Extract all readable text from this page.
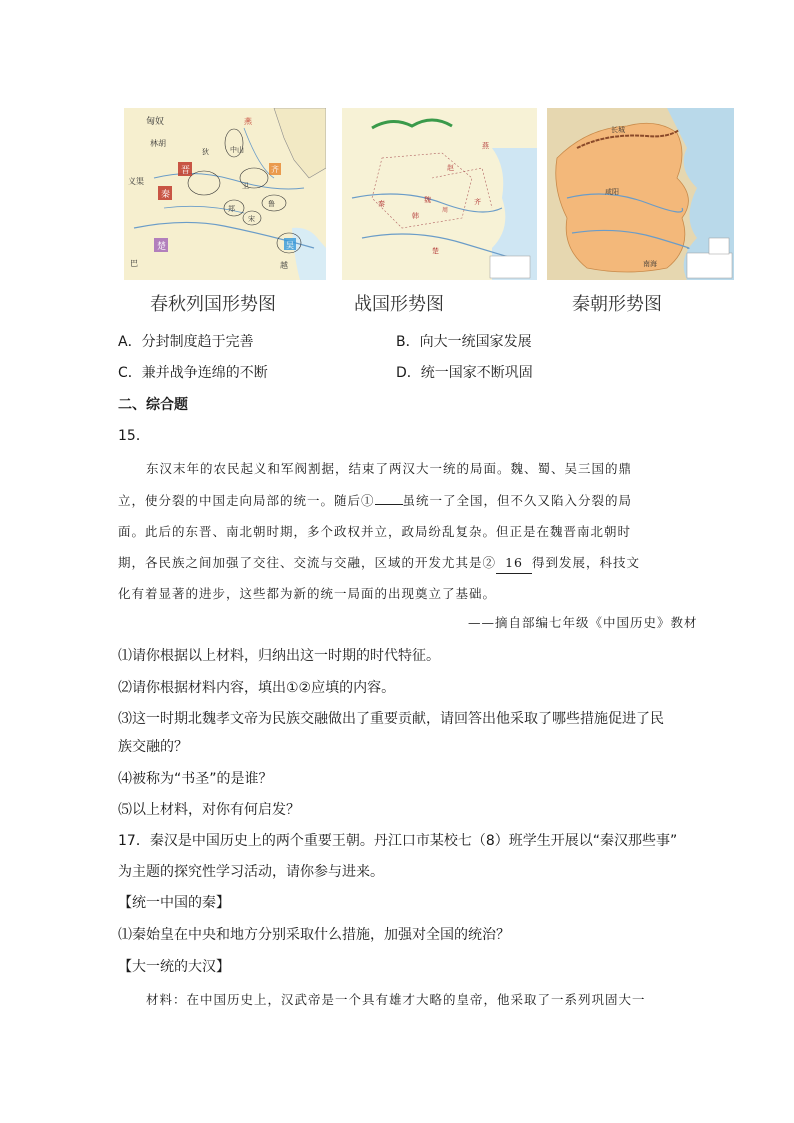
匈奴
林胡
燕
中山
狄
晋
秦
义渠
齐
鲁
宋
郑
卫
楚	吴
越
巴
燕
赵
魏
韩
齐
秦
楚
周
咸阳
长城
南海
春秋列国形势图	战国形势图	秦朝形势图
A．分封制度趋于完善	B．向大一统国家发展
C．兼并战争连绵的不断	D．统一国家不断巩固
二、综合题
15．
东汉末年的农民起义和军阀割据，结束了两汉大一统的局面。魏、蜀、吴三国的鼎
立，使分裂的中国走向局部的统一。随后① 虽统一了全国，但不久又陷入分裂的局
面。此后的东晋、南北朝时期，多个政权并立，政局纷乱复杂。但正是在魏晋南北朝时
期，各民族之间加强了交往、交流与交融，区域的开发尤其是② 16 得到发展，科技文
化有着显著的进步，这些都为新的统一局面的出现奠立了基础。
——摘自部编七年级《中国历史》教材
⑴请你根据以上材料，归纳出这一时期的时代特征。
⑵请你根据材料内容，填出①②应填的内容。
⑶这一时期北魏孝文帝为民族交融做出了重要贡献，请回答出他采取了哪些措施促进了民
族交融的？
⑷被称为“书圣”的是谁？
⑸以上材料，对你有何启发？
17．秦汉是中国历史上的两个重要王朝。丹江口市某校七（8）班学生开展以“秦汉那些事”
为主题的探究性学习活动，请你参与进来。
【统一中国的秦】
⑴秦始皇在中央和地方分别采取什么措施，加强对全国的统治？
【大一统的大汉】
材料：在中国历史上，汉武帝是一个具有雄才大略的皇帝，他采取了一系列巩固大一
